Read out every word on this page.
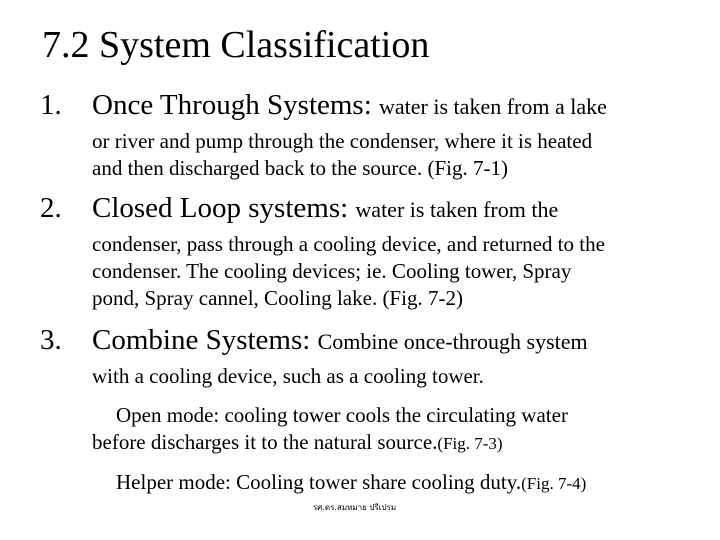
7.2 System Classification
1. Once Through Systems: water is taken from a lake
or river and pump through the condenser, where it is heated
and then discharged back to the source. (Fig. 7-1)
2. Closed Loop systems: water is taken from the
condenser, pass through a cooling device, and returned to the
condenser. The cooling devices; ie. Cooling tower, Spray
pond, Spray cannel, Cooling lake. (Fig. 7-2)
3. Combine Systems: Combine once-through system
with a cooling device, such as a cooling tower.
Open mode: cooling tower cools the circulating water
before discharges it to the natural source.(Fig. 7-3)
Helper mode: Cooling tower share cooling duty.(Fig. 7-4)
รศ.ดร.สมหมาย ปรีเปรม
